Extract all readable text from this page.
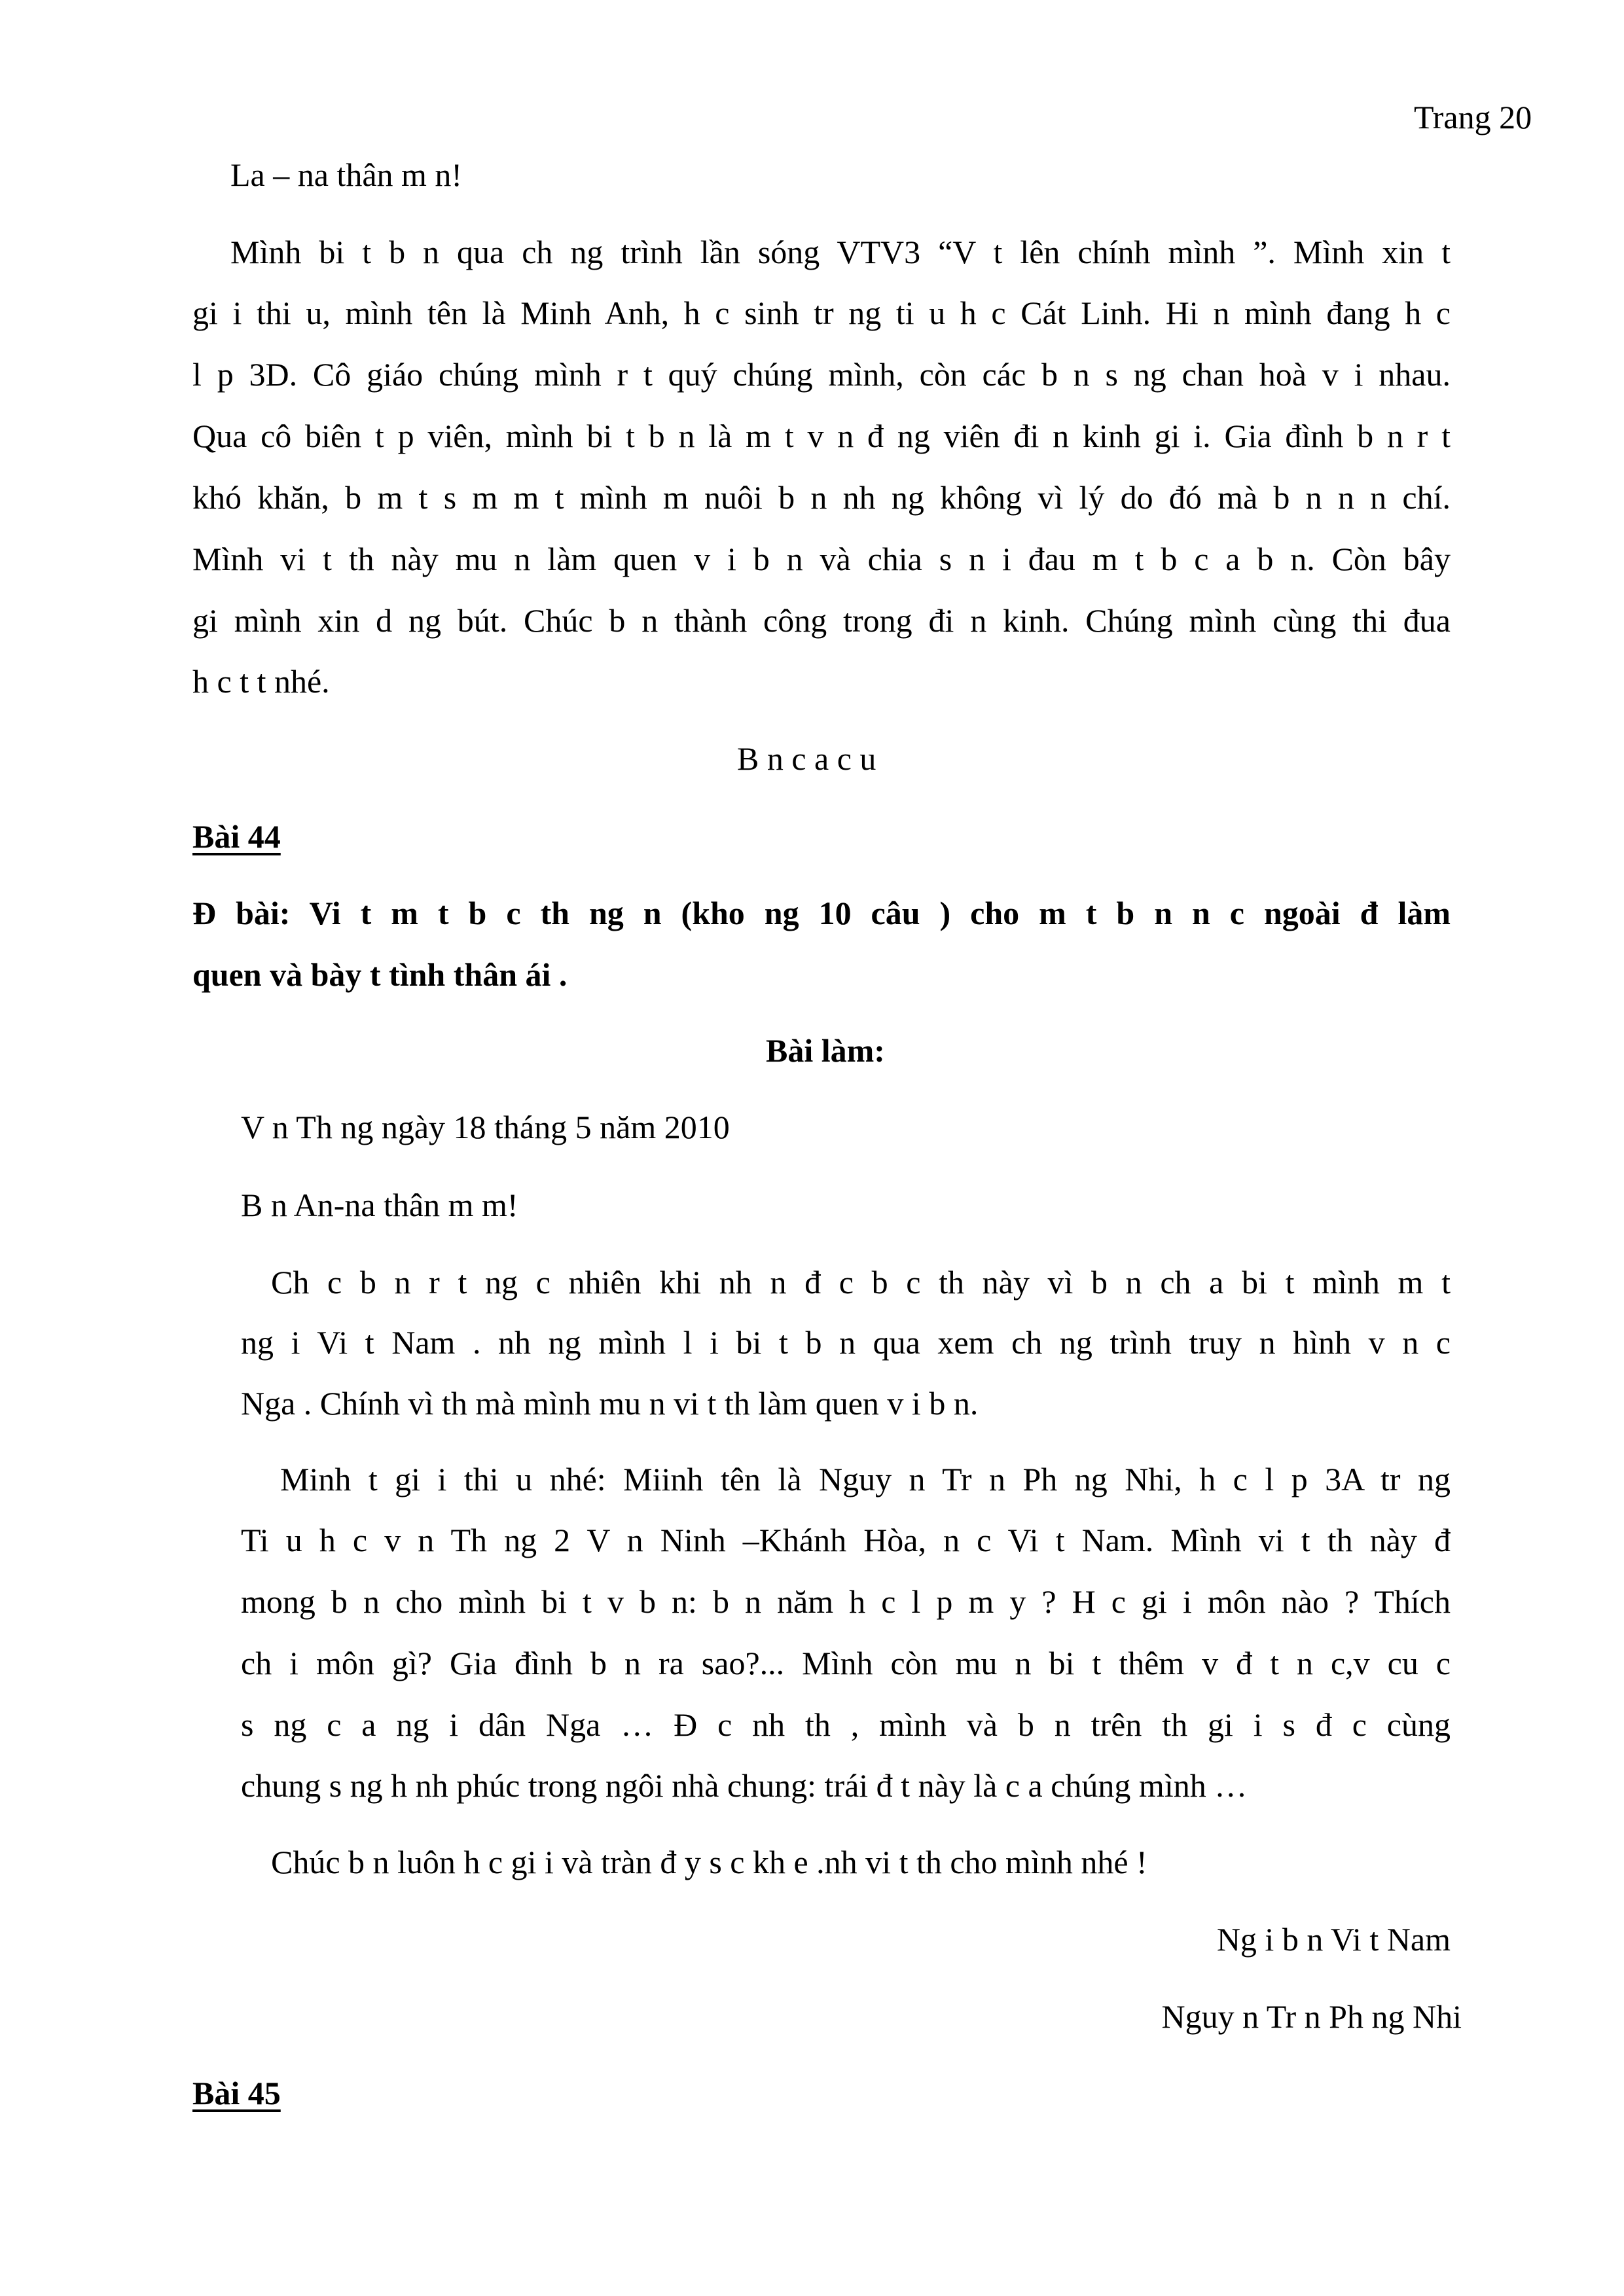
Trang 20
La – na thân m n!
Mình bi t b n qua ch ng trình lần sóng VTV3 “V t lên chính mình ”. Mình xin t
gi i thi u, mình tên là Minh Anh, h c sinh tr ng ti u h c Cát Linh. Hi n mình đang h c
l p 3D. Cô giáo chúng mình r t quý chúng mình, còn các b n s ng chan hoà v i nhau.
Qua cô biên t p viên, mình bi t b n là m t v n đ ng viên đi n kinh gi i. Gia đình b n r t
khó khăn, b m t s m m t mình m nuôi b n nh ng không vì lý do đó mà b n n n chí.
Mình vi t th này mu n làm quen v i b n và chia s n i đau m t b c a b n. Còn bây
gi mình xin d ng bút. Chúc b n thành công trong đi n kinh. Chúng mình cùng thi đua
h c t t nhé.
B n c a c u
Bài 44
Đ bài: Vi t m t b c th ng n (kho ng 10 câu ) cho m t b n n c ngoài đ làm
quen và bày t tình thân ái .
Bài làm:
V n Th ng ngày 18 tháng 5 năm 2010
B n An-na thân m m!
Ch c b n r t ng c nhiên khi nh n đ c b c th này vì b n ch a bi t mình m t
ng i Vi t Nam . nh ng mình l i bi t b n qua xem ch ng trình truy n hình v n c
Nga . Chính vì th mà mình mu n vi t th làm quen v i b n.
Minh t gi i thi u nhé: Miinh tên là Nguy n Tr n Ph ng Nhi, h c l p 3A tr ng
Ti u h c v n Th ng 2 V n Ninh –Khánh Hòa, n c Vi t Nam. Mình vi t th này đ
mong b n cho mình bi t v b n: b n năm h c l p m y ? H c gi i môn nào ? Thích
ch i môn gì? Gia đình b n ra sao?... Mình còn mu n bi t thêm v đ t n c,v cu c
s ng c a ng i dân Nga … Đ c nh th , mình và b n trên th gi i s đ c cùng
chung s ng h nh phúc trong ngôi nhà chung: trái đ t này là c a chúng mình …
Chúc b n luôn h c gi i và tràn đ y s c kh e .nh vi t th cho mình nhé !
Ng i b n Vi t Nam
Nguy n Tr n Ph ng Nhi
Bài 45
